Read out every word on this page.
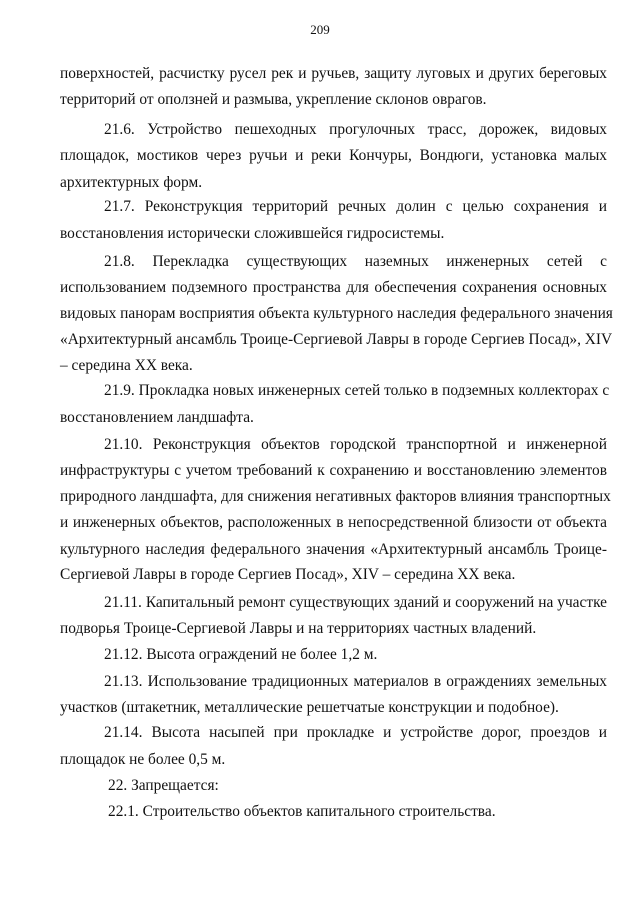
209
поверхностей, расчистку русел рек и ручьев, защиту луговых и других береговых
территорий от оползней и размыва, укрепление склонов оврагов.
21.6. Устройство пешеходных прогулочных трасс, дорожек, видовых
площадок, мостиков через ручьи и реки Кончуры, Вондюги, установка малых
архитектурных форм.
21.7. Реконструкция территорий речных долин с целью сохранения и
восстановления исторически сложившейся гидросистемы.
21.8. Перекладка существующих наземных инженерных сетей с
использованием подземного пространства для обеспечения сохранения основных
видовых панорам восприятия объекта культурного наследия федерального значения
«Архитектурный ансамбль Троице-Сергиевой Лавры в городе Сергиев Посад», XIV
– середина XX века.
21.9. Прокладка новых инженерных сетей только в подземных коллекторах с
восстановлением ландшафта.
21.10. Реконструкция объектов городской транспортной и инженерной
инфраструктуры с учетом требований к сохранению и восстановлению элементов
природного ландшафта, для снижения негативных факторов влияния транспортных
и инженерных объектов, расположенных в непосредственной близости от объекта
культурного наследия федерального значения «Архитектурный ансамбль Троице-
Сергиевой Лавры в городе Сергиев Посад», XIV – середина XX века.
21.11. Капитальный ремонт существующих зданий и сооружений на участке
подворья Троице-Сергиевой Лавры и на территориях частных владений.
21.12. Высота ограждений не более 1,2 м.
21.13. Использование традиционных материалов в ограждениях земельных
участков (штакетник, металлические решетчатые конструкции и подобное).
21.14. Высота насыпей при прокладке и устройстве дорог, проездов и
площадок не более 0,5 м.
22. Запрещается:
22.1. Строительство объектов капитального строительства.
